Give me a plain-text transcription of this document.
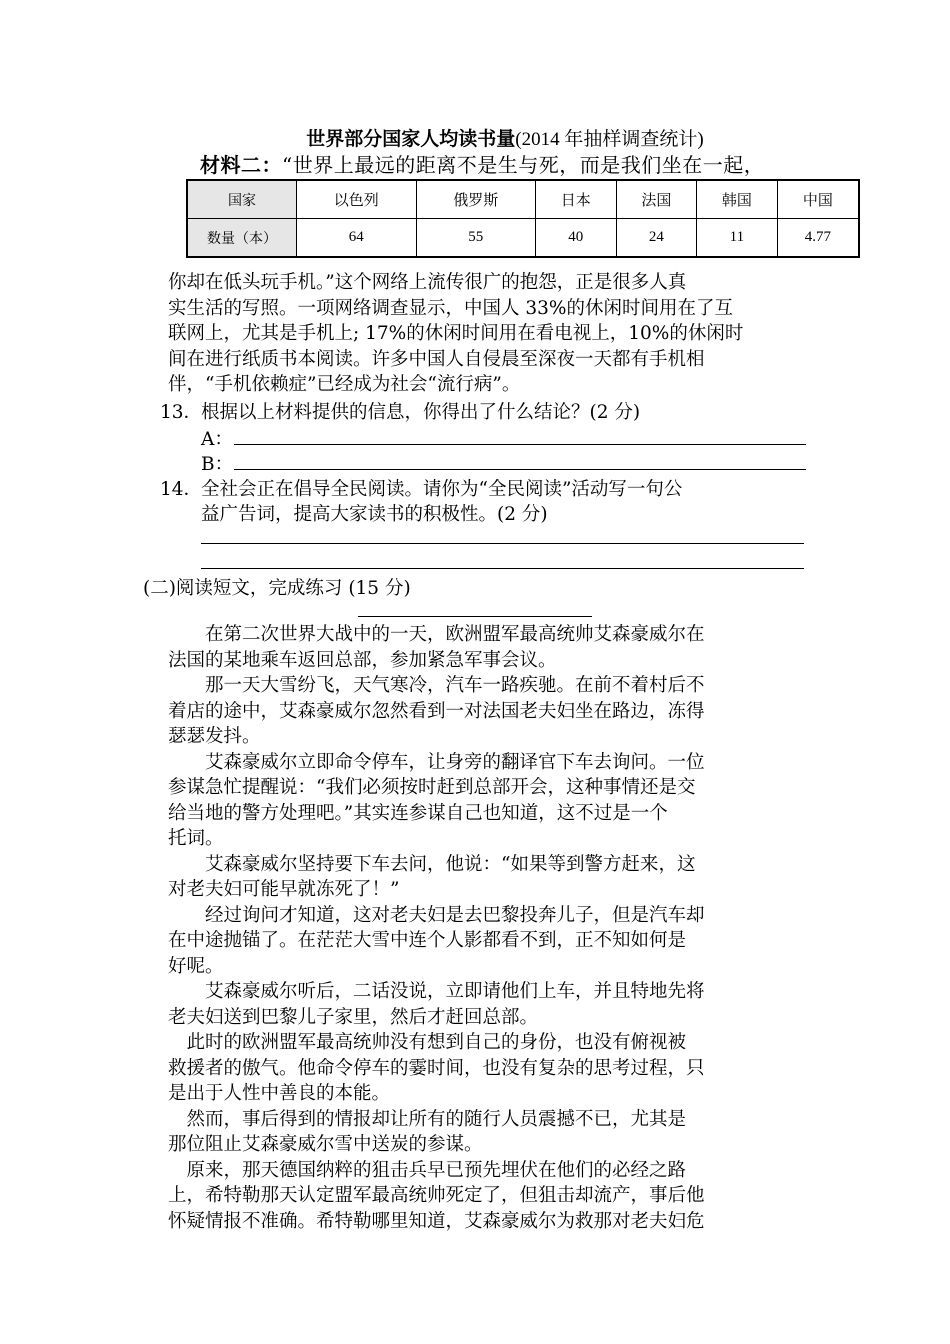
世界部分国家人均读书量(2014 年抽样调查统计)
材料二：“世界上最远的距离不是生与死，而是我们坐在一起，
国家	以色列	俄罗斯	日本	法国	韩国	中国
数量（本）	64	55	40	24	11	4.77

你却在低头玩手机。”这个网络上流传很广的抱怨，正是很多人真

实生活的写照。一项网络调查显示，中国人 33%的休闲时间用在了互

联网上，尤其是手机上; 17%的休闲时间用在看电视上，10%的休闲时

间在进行纸质书本阅读。许多中国人自侵晨至深夜一天都有手机相

伴，“手机依赖症”已经成为社会“流行病”。

13．
根据以上材料提供的信息，你得出了什么结论？(2 分)
A：
B：
14．
全社会正在倡导全民阅读。请你为“全民阅读”活动写一句公
益广告词，提高大家读书的积极性。(2 分)
(二)阅读短文，完成练习 (15 分)

　　在第二次世界大战中的一天，欧洲盟军最高统帅艾森豪威尔在

法国的某地乘车返回总部，参加紧急军事会议。

　　那一天大雪纷飞，天气寒冷，汽车一路疾驰。在前不着村后不

着店的途中，艾森豪威尔忽然看到一对法国老夫妇坐在路边，冻得

瑟瑟发抖。

　　艾森豪威尔立即命令停车，让身旁的翻译官下车去询问。一位

参谋急忙提醒说：“我们必须按时赶到总部开会，这种事情还是交

给当地的警方处理吧。”其实连参谋自己也知道，这不过是一个

托词。

　　艾森豪威尔坚持要下车去问，他说：“如果等到警方赶来，这

对老夫妇可能早就冻死了！”

　　经过询问才知道，这对老夫妇是去巴黎投奔儿子，但是汽车却

在中途抛锚了。在茫茫大雪中连个人影都看不到，正不知如何是

好呢。

　　艾森豪威尔听后，二话没说，立即请他们上车，并且特地先将

老夫妇送到巴黎儿子家里，然后才赶回总部。

　此时的欧洲盟军最高统帅没有想到自己的身份，也没有俯视被

救援者的傲气。他命令停车的霎时间，也没有复杂的思考过程，只

是出于人性中善良的本能。

　然而，事后得到的情报却让所有的随行人员震撼不已，尤其是

那位阻止艾森豪威尔雪中送炭的参谋。

　原来，那天德国纳粹的狙击兵早已预先埋伏在他们的必经之路

上，希特勒那天认定盟军最高统帅死定了，但狙击却流产，事后他

怀疑情报不准确。希特勒哪里知道，艾森豪威尔为救那对老夫妇危
